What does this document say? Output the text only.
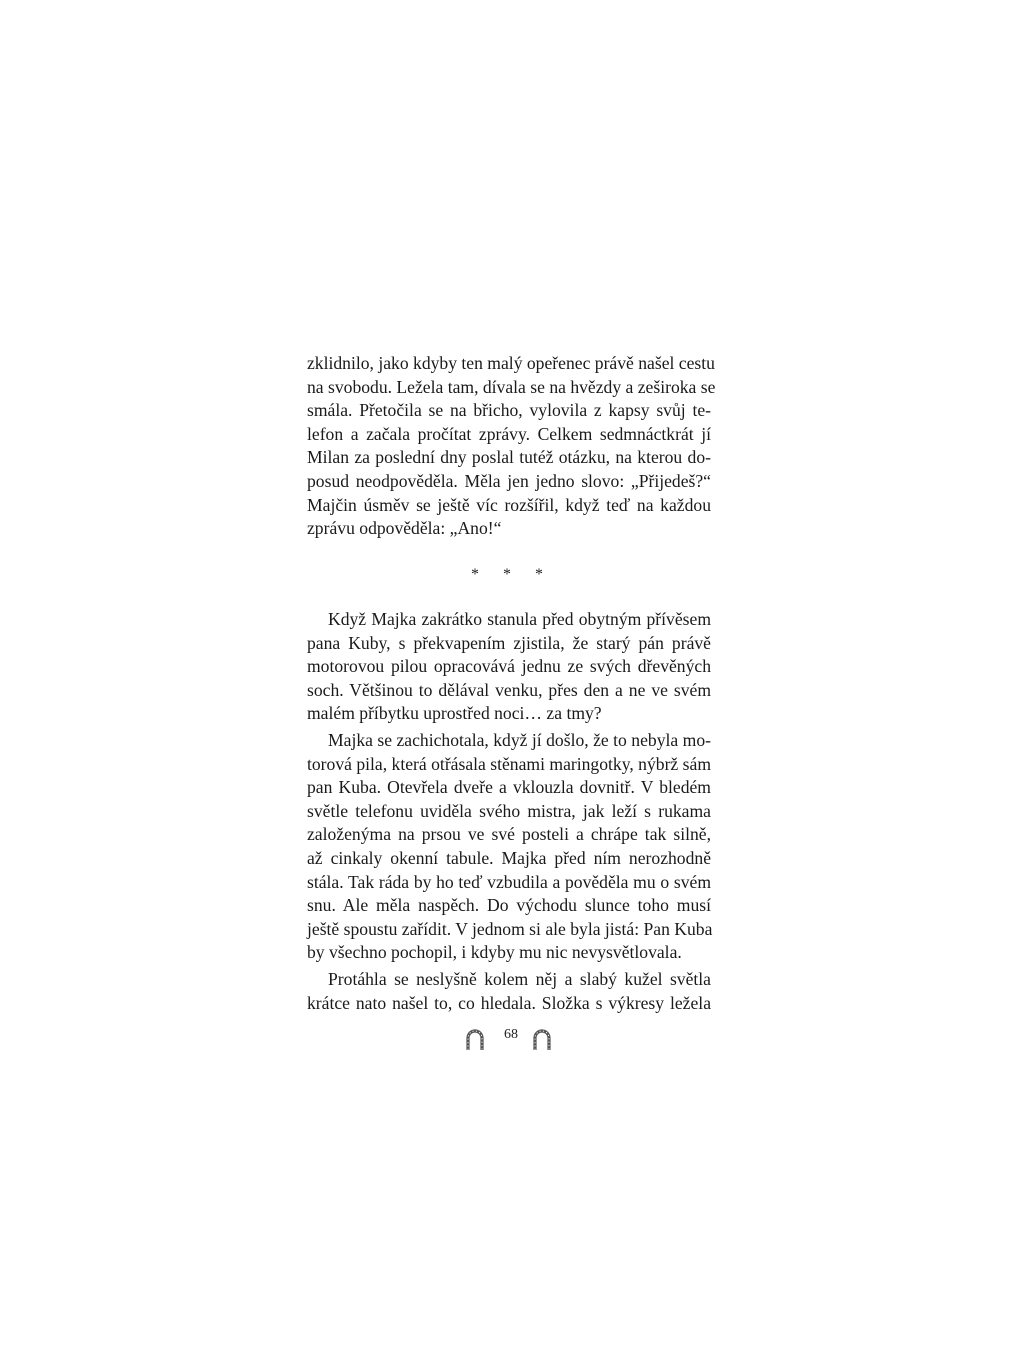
zklidnilo, jako kdyby ten malý opeřenec právě našel cestu
na svobodu. Ležela tam, dívala se na hvězdy a zeširoka se
smála. Přetočila se na břicho, vylovila z kapsy svůj te-
lefon a začala pročítat zprávy. Celkem sedmnáctkrát jí
Milan za poslední dny poslal tutéž otázku, na kterou do-
posud neodpověděla. Měla jen jedno slovo: „Přijedeš?“
Majčin úsměv se ještě víc rozšířil, když teď na každou
zprávu odpověděla: „Ano!“
* * *

Když Majka zakrátko stanula před obytným přívěsem
pana Kuby, s překvapením zjistila, že starý pán právě
motorovou pilou opracovává jednu ze svých dřevěných
soch. Většinou to dělával venku, přes den a ne ve svém
malém příbytku uprostřed noci… za tmy?

Majka se zachichotala, když jí došlo, že to nebyla mo-
torová pila, která otřásala stěnami maringotky, nýbrž sám
pan Kuba. Otevřela dveře a vklouzla dovnitř. V bledém
světle telefonu uviděla svého mistra, jak leží s rukama
založenýma na prsou ve své posteli a chrápe tak silně,
až cinkaly okenní tabule. Majka před ním nerozhodně
stála. Tak ráda by ho teď vzbudila a pověděla mu o svém
snu. Ale měla naspěch. Do východu slunce toho musí
ještě spoustu zařídit. V jednom si ale byla jistá: Pan Kuba
by všechno pochopil, i kdyby mu nic nevysvětlovala.

Protáhla se neslyšně kolem něj a slabý kužel světla
krátce nato našel to, co hledala. Složka s výkresy ležela

68
